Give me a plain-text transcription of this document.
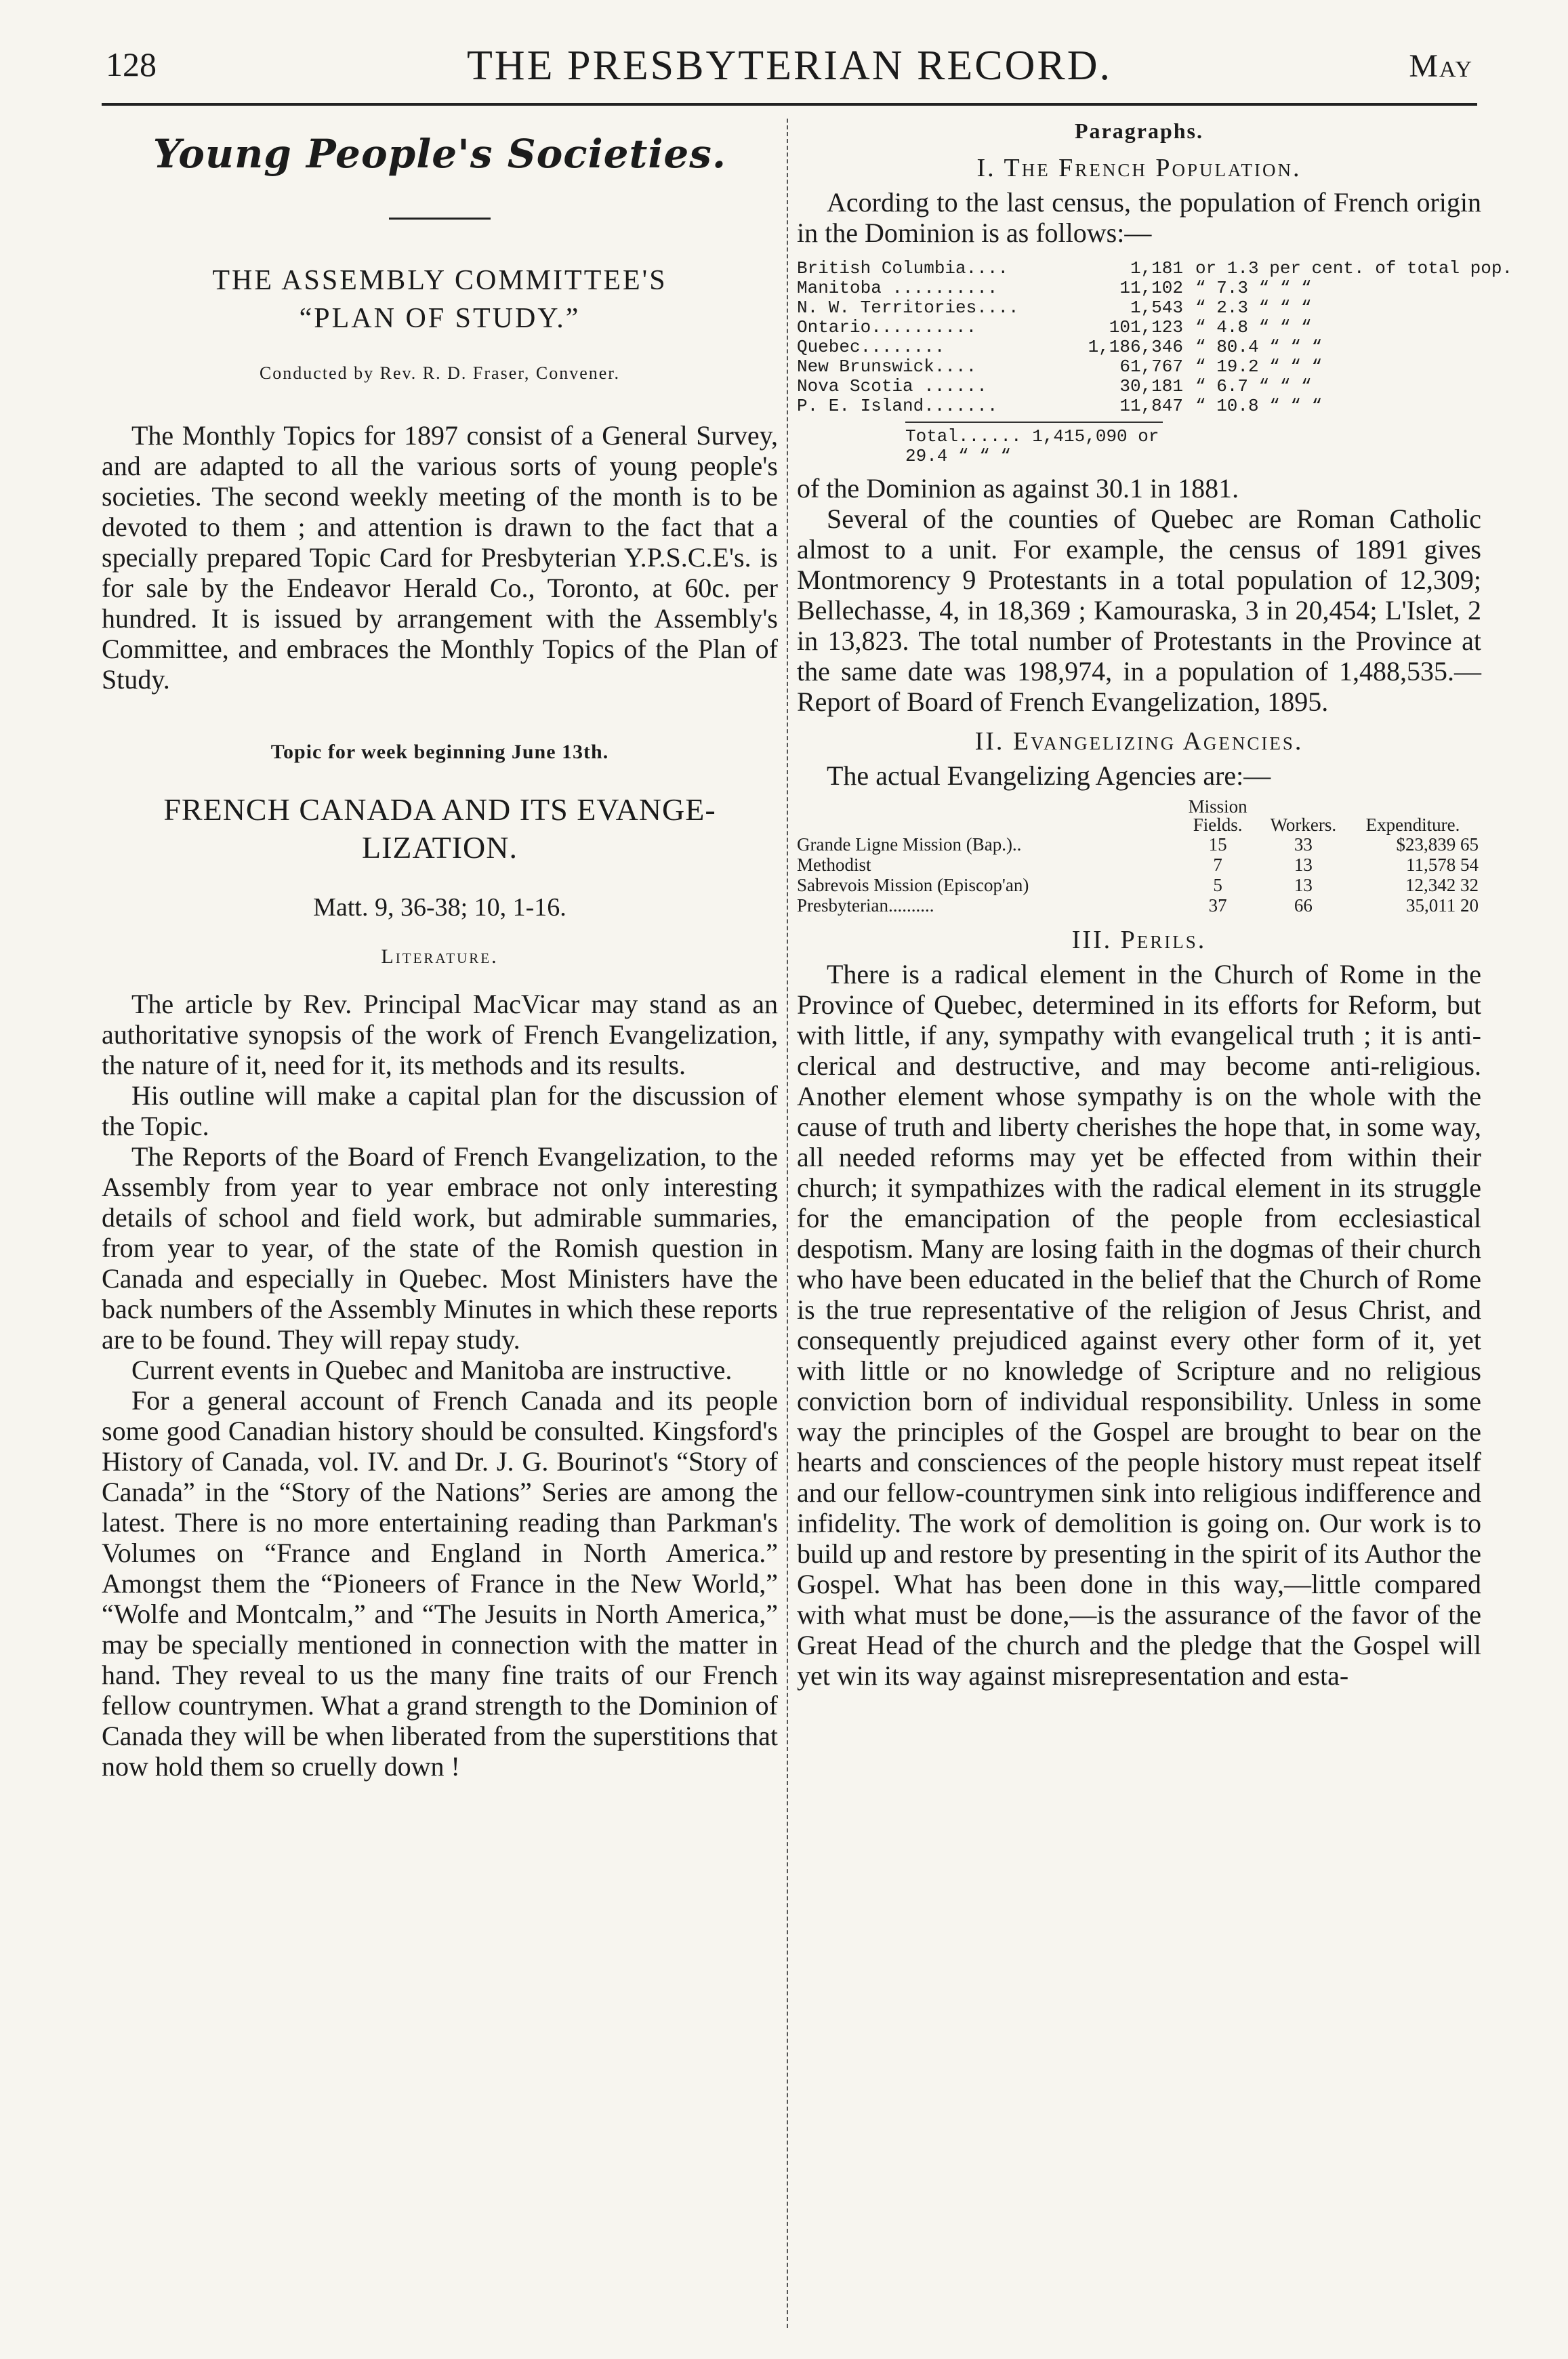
128	THE PRESBYTERIAN RECORD.	May
Young People's Societies.
THE ASSEMBLY COMMITTEE'S
“PLAN OF STUDY.”
Conducted by Rev. R. D. Fraser, Convener.

The Monthly Topics for 1897 consist of a General Survey, and are adapted to all the various sorts of young people's societies. The second weekly meeting of the month is to be devoted to them ; and attention is drawn to the fact that a specially prepared Topic Card for Presbyterian Y.P.S.C.E's. is for sale by the Endeavor Herald Co., Toronto, at 60c. per hundred. It is issued by arrangement with the Assembly's Committee, and embraces the Monthly Topics of the Plan of Study.

Topic for week beginning June 13th.
FRENCH CANADA AND ITS EVANGE-
LIZATION.
Matt. 9, 36-38; 10, 1-16.
Literature.

The article by Rev. Principal MacVicar may stand as an authoritative synopsis of the work of French Evangelization, the nature of it, need for it, its methods and its results.

His outline will make a capital plan for the discussion of the Topic.

The Reports of the Board of French Evangelization, to the Assembly from year to year embrace not only interesting details of school and field work, but admirable summaries, from year to year, of the state of the Romish question in Canada and especially in Quebec. Most Ministers have the back numbers of the Assembly Minutes in which these reports are to be found. They will repay study.

Current events in Quebec and Manitoba are instructive.

For a general account of French Canada and its people some good Canadian history should be consulted. Kingsford's History of Canada, vol. IV. and Dr. J. G. Bourinot's “Story of Canada” in the “Story of the Nations” Series are among the latest. There is no more entertaining reading than Parkman's Volumes on “France and England in North America.” Amongst them the “Pioneers of France in the New World,” “Wolfe and Montcalm,” and “The Jesuits in North America,” may be specially mentioned in connection with the matter in hand. They reveal to us the many fine traits of our French fellow countrymen. What a grand strength to the Dominion of Canada they will be when liberated from the superstitions that now hold them so cruelly down !

Paragraphs.
I. The French Population.

Acording to the last census, the population of French origin in the Dominion is as follows:—

British Columbia....	1,181 or 1.3 per cent. of total pop.
Manitoba ..........	11,102 “ 7.3 “ “ “
N. W. Territories....	1,543 “ 2.3 “ “ “
Ontario..........	101,123 “ 4.8 “ “ “
Quebec........	1,186,346 “ 80.4 “ “ “
New Brunswick....	61,767 “ 19.2 “ “ “
Nova Scotia ......	30,181 “ 6.7 “ “ “
P. E. Island.......	11,847 “ 10.8 “ “ “
Total...... 1,415,090 or 29.4 “ “ “

of the Dominion as against 30.1 in 1881.

Several of the counties of Quebec are Roman Catholic almost to a unit. For example, the census of 1891 gives Montmorency 9 Protestants in a total population of 12,309; Bellechasse, 4, in 18,369 ; Kamouraska, 3 in 20,454; L'Islet, 2 in 13,823. The total number of Protestants in the Province at the same date was 198,974, in a population of 1,488,535.—Report of Board of French Evangelization, 1895.

II. Evangelizing Agencies.

The actual Evangelizing Agencies are:—

	Mission Fields.	Workers.	Expenditure.
Grande Ligne Mission (Bap.)..	15	33	$23,839 65
Methodist	7	13	11,578 54
Sabrevois Mission (Episcop'an)	5	13	12,342 32
Presbyterian..........	37	66	35,011 20
III. Perils.

There is a radical element in the Church of Rome in the Province of Quebec, determined in its efforts for Reform, but with little, if any, sympathy with evangelical truth ; it is anti-clerical and destructive, and may become anti-religious. Another element whose sympathy is on the whole with the cause of truth and liberty cherishes the hope that, in some way, all needed reforms may yet be effected from within their church; it sympathizes with the radical element in its struggle for the emancipation of the people from ecclesiastical despotism. Many are losing faith in the dogmas of their church who have been educated in the belief that the Church of Rome is the true representative of the religion of Jesus Christ, and consequently prejudiced against every other form of it, yet with little or no knowledge of Scripture and no religious conviction born of individual responsibility. Unless in some way the principles of the Gospel are brought to bear on the hearts and consciences of the people history must repeat itself and our fellow-countrymen sink into religious indifference and infidelity. The work of demolition is going on. Our work is to build up and restore by presenting in the spirit of its Author the Gospel. What has been done in this way,—little compared with what must be done,—is the assurance of the favor of the Great Head of the church and the pledge that the Gospel will yet win its way against misrepresentation and esta-
